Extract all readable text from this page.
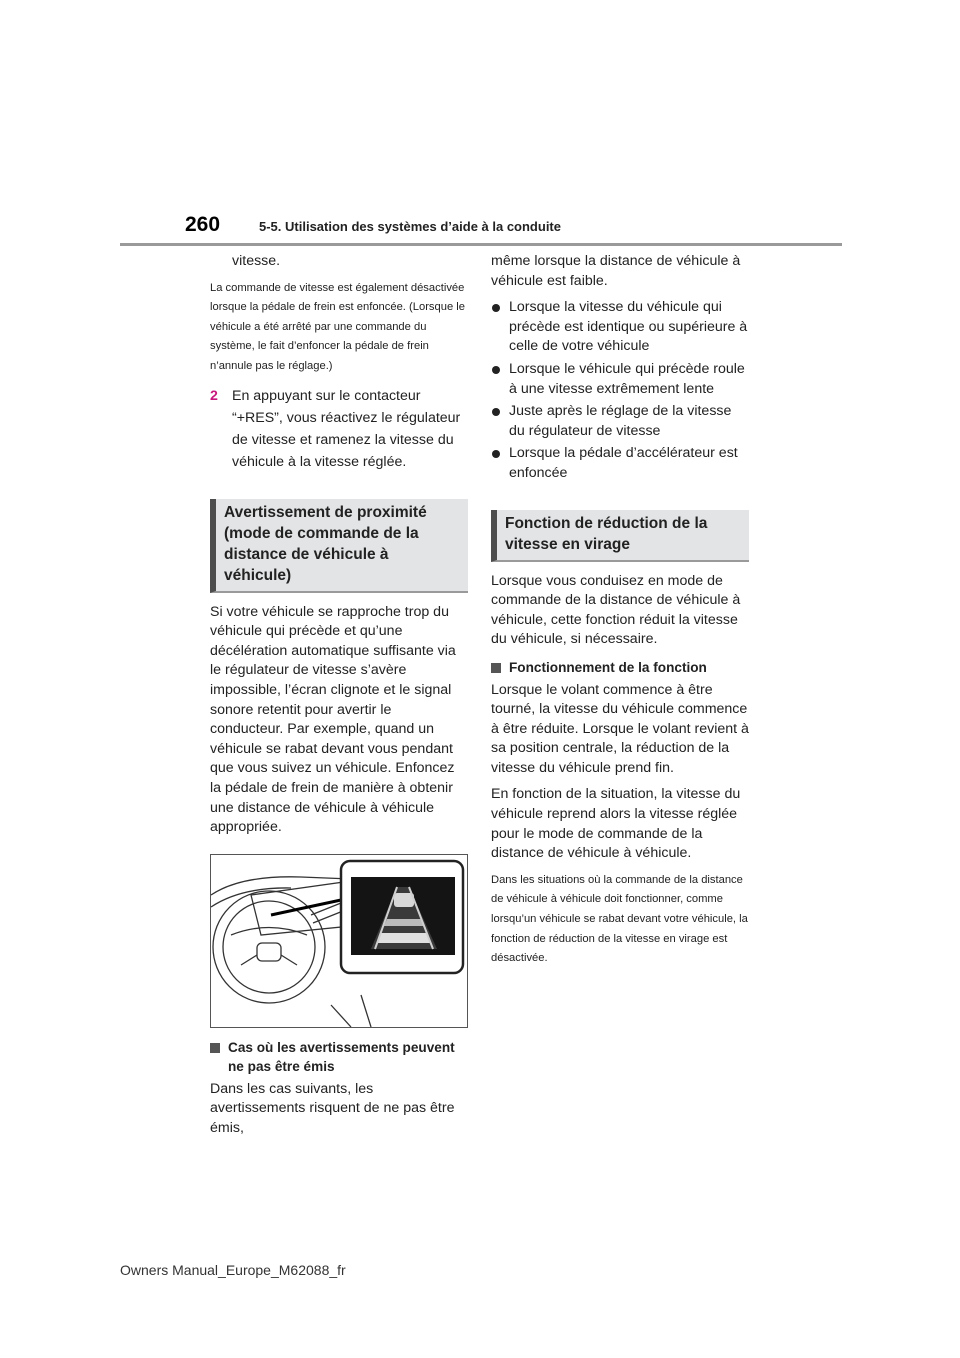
260	5-5. Utilisation des systèmes d’aide à la conduite

vitesse.

La commande de vitesse est également désactivée lorsque la pédale de frein est enfoncée. (Lorsque le véhicule a été arrêté par une commande du système, le fait d’enfoncer la pédale de frein n’annule pas le réglage.)

2 En appuyant sur le contacteur “+RES”, vous réactivez le régulateur de vitesse et ramenez la vitesse du véhicule à la vitesse réglée.
Avertissement de proximité (mode de commande de la distance de véhicule à véhicule)

Si votre véhicule se rapproche trop du véhicule qui précède et qu’une décélération automatique suffisante via le régulateur de vitesse s’avère impossible, l’écran clignote et le signal sonore retentit pour avertir le conducteur. Par exemple, quand un véhicule se rabat devant vous pendant que vous suivez un véhicule. Enfoncez la pédale de frein de manière à obtenir une distance de véhicule à véhicule appropriée.

Cas où les avertissements peuvent ne pas être émis

Dans les cas suivants, les avertissements risquent de ne pas être émis,

même lorsque la distance de véhicule à véhicule est faible.

Lorsque la vitesse du véhicule qui précède est identique ou supérieure à celle de votre véhicule
Lorsque le véhicule qui précède roule à une vitesse extrêmement lente
Juste après le réglage de la vitesse du régulateur de vitesse
Lorsque la pédale d’accélérateur est enfoncée
Fonction de réduction de la vitesse en virage

Lorsque vous conduisez en mode de commande de la distance de véhicule à véhicule, cette fonction réduit la vitesse du véhicule, si nécessaire.

Fonctionnement de la fonction

Lorsque le volant commence à être tourné, la vitesse du véhicule commence à être réduite. Lorsque le volant revient à sa position centrale, la réduction de la vitesse du véhicule prend fin.

En fonction de la situation, la vitesse du véhicule reprend alors la vitesse réglée pour le mode de commande de la distance de véhicule à véhicule.

Dans les situations où la commande de la distance de véhicule à véhicule doit fonctionner, comme lorsqu’un véhicule se rabat devant votre véhicule, la fonction de réduction de la vitesse en virage est désactivée.

Owners Manual_Europe_M62088_fr
